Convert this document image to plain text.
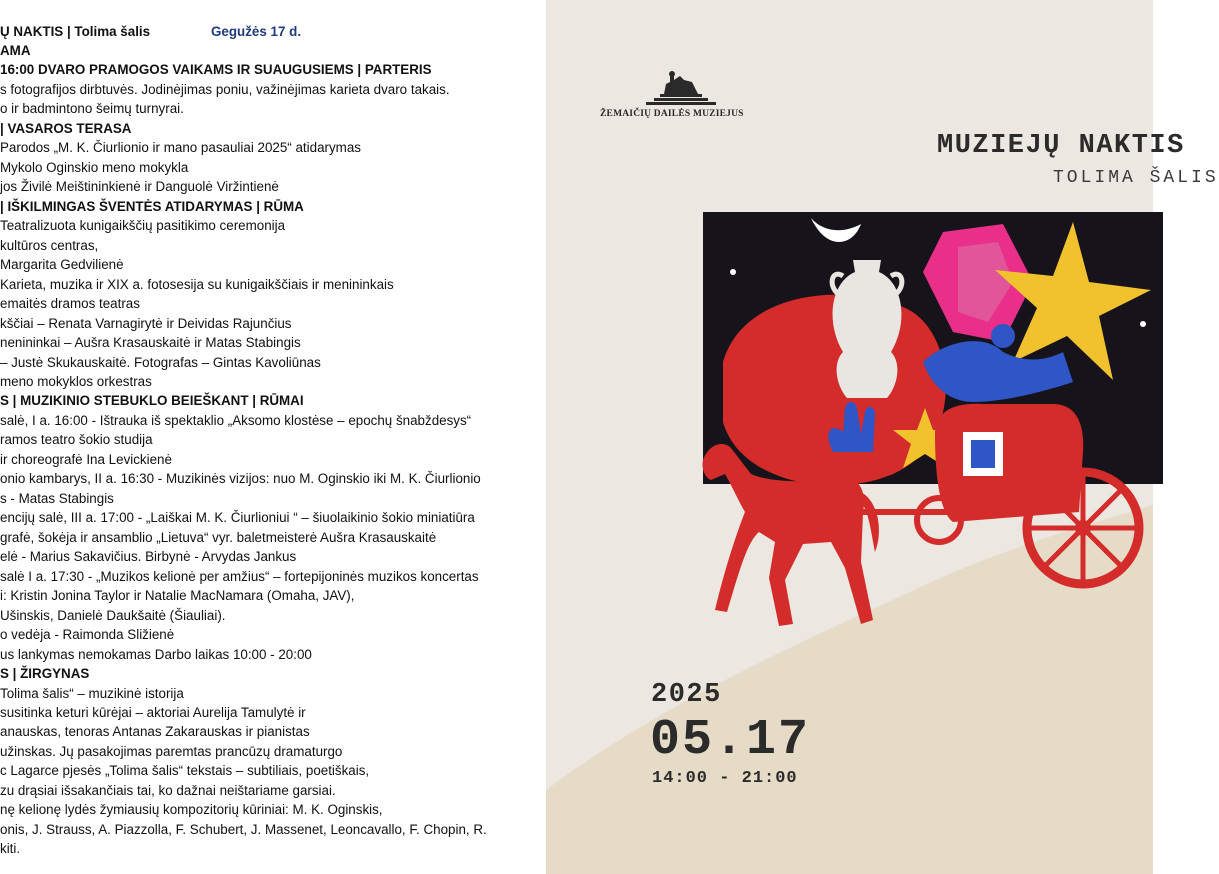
AMA
16:00 DVARO PRAMOGOS VAIKAMS IR SUAUGUSIEMS | PARTERIS
s fotografijos dirbtuvės. Jodinėjimas poniu, važinėjimas karieta dvaro takais.
o ir badmintono šeimų turnyrai.
| VASAROS TERASA
Parodos „M. K. Čiurlionio ir mano pasauliai 2025“ atidarymas
Mykolo Oginskio meno mokykla
jos Živilė Meištininkienė ir Danguolė Viržintienė
| IŠKILMINGAS ŠVENTĖS ATIDARYMAS | RŪMA
Teatralizuota kunigaikščių pasitikimo ceremonija
kultūros centras,
Margarita Gedvilienė
Karieta, muzika ir XIX a. fotosesija su kunigaikščiais ir menininkais
emaitės dramos teatras
kščiai – Renata Varnagirytė ir Deividas Rajunčius
nenininkai – Aušra Krasauskaitė ir Matas Stabingis
– Justė Skukauskaitė. Fotografas – Gintas Kavoliūnas
meno mokyklos orkestras
S | MUZIKINIO STEBUKLO BEIEŠKANT | RŪMAI
salė, I a. 16:00 - Ištrauka iš spektaklio „Aksomo klostėse – epochų šnabždesys“
ramos teatro šokio studija
ir choreografė Ina Levickienė
onio kambarys, II a. 16:30 - Muzikinės vizijos: nuo M. Oginskio iki M. K. Čiurlionio
s - Matas Stabingis
encijų salė, III a. 17:00 - „Laiškai M. K. Čiurlioniui “ – šiuolaikinio šokio miniatiūra
grafė, šokėja ir ansamblio „Lietuva“ vyr. baletmeisterė Aušra Krasauskaitė
elė - Marius Sakavičius. Birbynė - Arvydas Jankus
salė I a. 17:30 - „Muzikos kelionė per amžius“ – fortepijoninės muzikos koncertas
i: Kristin Jonina Taylor ir Natalie MacNamara (Omaha, JAV),
Ušinskis, Danielė Daukšaitė (Šiauliai).
o vedėja - Raimonda Sližienė
us lankymas nemokamas Darbo laikas 10:00 - 20:00
S | ŽIRGYNAS
Tolima šalis“ – muzikinė istorija
susitinka keturi kūrėjai – aktoriai Aurelija Tamulytė ir
anauskas, tenoras Antanas Zakarauskas ir pianistas
užinskas. Jų pasakojimas paremtas prancūzų dramaturgo
c Lagarce pjesės „Tolima šalis“ tekstais – subtiliais, poetiškais,
zu drąsiai išsakančiais tai, ko dažnai neištariame garsiai.
nę kelionę lydės žymiausių kompozitorių kūriniai: M. K. Oginskis,
onis, J. Strauss, A. Piazzolla, F. Schubert, J. Massenet, Leoncavallo, F. Chopin, R.
kiti.
Ų NAKTIS | Tolima šalis	Gegužės 17 d.
ŽEMAIČIŲ DAILĖS MUZIEJUS
MUZIEJŲ NAKTIS
TOLIMA ŠALIS
2025
05.17
14:00 - 21:00
